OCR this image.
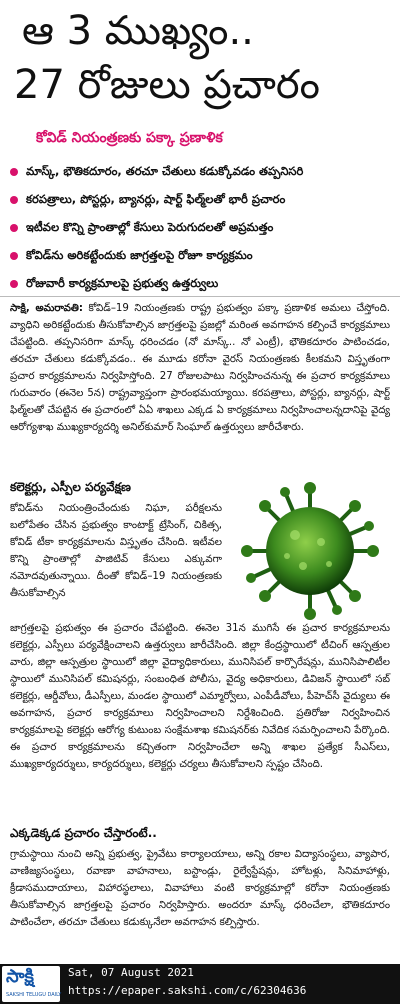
ఆ 3 ముఖ్యం..
27 రోజులు ప్రచారం
కోవిడ్ నియంత్రణకు పక్కా ప్రణాళిక
మాస్క్, భౌతికదూరం, తరచూ చేతులు కడుక్కోవడం తప్పనిసరి
కరపత్రాలు, పోస్టర్లు, బ్యానర్లు, షార్ట్ ఫిల్మ్‌లతో భారీ ప్రచారం
ఇటీవల కొన్ని ప్రాంతాల్లో కేసులు పెరుగుదలతో అప్రమత్తం
కోవిడ్‌ను అరికట్టేందుకు జాగ్రత్తలపై రోజూ కార్యక్రమం
రోజువారీ కార్యక్రమాలపై ప్రభుత్వ ఉత్తర్వులు

సాక్షి, అమరావతి: కోవిడ్–19 నియంత్రణకు రాష్ట్ర ప్రభుత్వం పక్కా ప్రణాళిక అమలు చేస్తోంది. వ్యాధిని అరికట్టేందుకు తీసుకోవాల్సిన జాగ్రత్తలపై ప్రజల్లో మరింత అవగాహన కల్పించే కార్యక్రమాలు చేపట్టింది. తప్పనిసరిగా మాస్క్ ధరించడం (నో మాస్క్.. నో ఎంట్రీ), భౌతికదూరం పాటించడం, తరచూ చేతులు కడుక్కోవడం.. ఈ మూడు కరోనా వైరస్ నియంత్రణకు కీలకమని విస్తృతంగా ప్రచార కార్యక్రమాలను నిర్వహిస్తోంది. 27 రోజులపాటు నిర్వహించనున్న ఈ ప్రచార కార్యక్రమాలు గురువారం (ఈనెల 5న) రాష్ట్రవ్యాప్తంగా ప్రారంభమయ్యాయి. కరపత్రాలు, పోస్టర్లు, బ్యానర్లు, షార్ట్ ఫిల్మ్‌లతో చేపట్టిన ఈ ప్రచారంలో ఏఏ శాఖలు ఎక్కడ ఏ కార్యక్రమాలు నిర్వహించాలన్నదానిపై వైద్య ఆరోగ్యశాఖ ముఖ్యకార్యదర్శి అనిల్‌కుమార్ సింఘాల్ ఉత్తర్వులు జారీచేశారు.

కలెక్టర్లు, ఎస్పీల పర్యవేక్షణ

కోవిడ్‌ను నియంత్రించేందుకు నిఘా, పరీక్షలను బలోపేతం చేసిన ప్రభుత్వం కాంటాక్ట్ ట్రేసింగ్, చికిత్స, కోవిడ్ టీకా కార్యక్రమాలను విస్తృతం చేసింది. ఇటీవల కొన్ని ప్రాంతాల్లో పాజిటివ్ కేసులు ఎక్కువగా నమోదవుతున్నాయి. దీంతో కోవిడ్–19 నియంత్రణకు తీసుకోవాల్సిన

జాగ్రత్తలపై ప్రభుత్వం ఈ ప్రచారం చేపట్టింది. ఈనెల 31న ముగిసే ఈ ప్రచార కార్యక్రమాలను కలెక్టర్లు, ఎస్పీలు పర్యవేక్షించాలని ఉత్తర్వులు జారీచేసింది. జిల్లా కేంద్రస్థాయిలో టీచింగ్ ఆస్పత్రుల వారు, జిల్లా ఆస్పత్రుల స్థాయిలో జిల్లా వైద్యాధికారులు, మునిసిపల్ కార్పొరేషన్లు, మునిసిపాలిటీల స్థాయిలో మునిసిపల్ కమిషనర్లు, సంబంధిత పోలీసు, వైద్య అధికారులు, డివిజన్ స్థాయిలో సబ్ కలెక్టర్లు, ఆర్డీవోలు, డీఎస్పీలు, మండల స్థాయిలో ఎమ్మార్వోలు, ఎంపీడీవోలు, పీహెచ్‌సీ వైద్యులు ఈ అవగాహన, ప్రచార కార్యక్రమాలు నిర్వహించాలని నిర్దేశించింది. ప్రతిరోజు నిర్వహించిన కార్యక్రమాలపై కలెక్టర్లు ఆరోగ్య కుటుంబ సంక్షేమశాఖ కమిషనర్‌కు నివేదిక సమర్పించాలని పేర్కొంది. ఈ ప్రచార కార్యక్రమాలను కచ్చితంగా నిర్వహించేలా అన్ని శాఖల ప్రత్యేక సీఎస్‌లు, ముఖ్యకార్యదర్శులు, కార్యదర్శులు, కలెక్టర్లు చర్యలు తీసుకోవాలని స్పష్టం చేసింది.

ఎక్కడెక్కడ ప్రచారం చేస్తారంటే..

గ్రామస్థాయి నుంచి అన్ని ప్రభుత్వ, ప్రైవేటు కార్యాలయాలు, అన్ని రకాల విద్యాసంస్థలు, వ్యాపార, వాణిజ్యసంస్థలు, రవాణా వాహనాలు, బస్టాండ్లు, రైల్వేస్టేషన్లు, హోటళ్లు, సినిమాహాళ్లు, క్రీడాసముదాయాలు, విహారస్థలాలు, వివాహాలు వంటి కార్యక్రమాల్లో కరోనా నియంత్రణకు తీసుకోవాల్సిన జాగ్రత్తలపై ప్రచారం నిర్వహిస్తారు. అందరూ మాస్క్ ధరించేలా, భౌతికదూరం పాటించేలా, తరచూ చేతులు కడుక్కునేలా అవగాహన కల్పిస్తారు.

సాక్షి
SAKSHI TELUGU DAILY
Sat, 07 August 2021
https://epaper.sakshi.com/c/62304636
